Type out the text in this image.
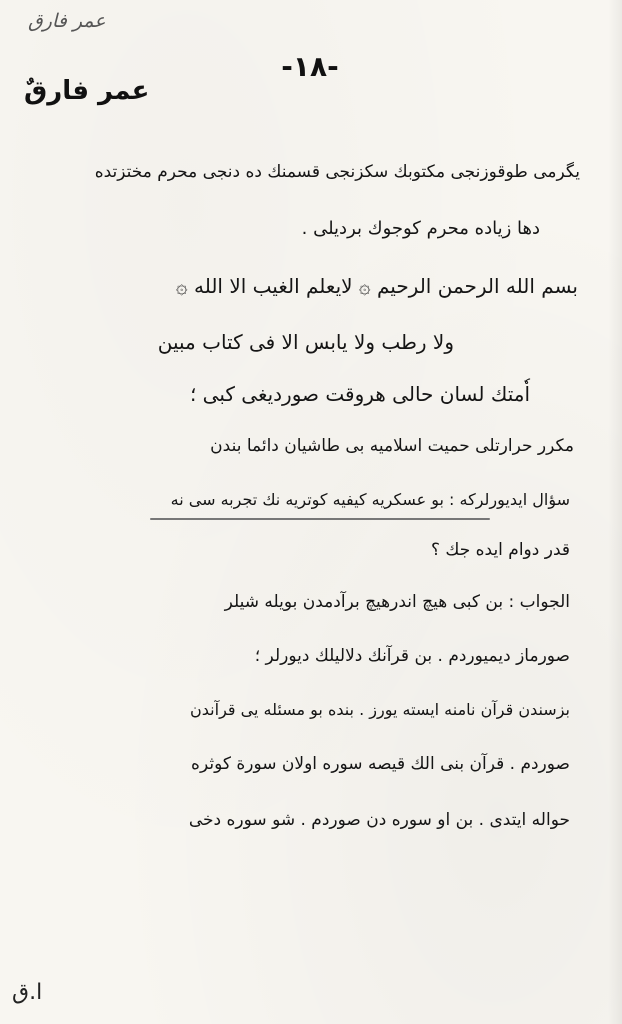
عمر فارق
عمر فارقٌ
-١٨-
یگرمی طوقوزنجی مکتوبك سکزنجی قسمنك دە دنجی محرم مختزتده
دها زیاده محرم کوجوك بردیلی .
بسم الله الرحمن الرحیم ۞ لایعلم الغیب الا الله ۞
ولا رطب ولا یابس الا فی کتاب مبین
اٗمتك لسان حالی هروقت صوردیغی کبی ؛
مکرر حرارتلی حمیت اسلامیه بی طاشیان دائما بندن
سؤال ایدیورلرکه : بو عسکریه کیفیه کوتریه نك تجربه سی نه
قدر دوام ایده جك ؟
الجواب : بن کبی هیچ اندرهیچ برآدمدن بویله شیلر
صورماز دیمیوردم . بن قرآنك دلالیلك دیورلر ؛
بزسندن قرآن نامنه ایسته یورز . بنده بو مسئله یی قرآندن
صوردم . قرآن بنی الك قیصه سوره اولان سورة کوثره
حواله ایتدی . بن او سوره دن صوردم . شو سوره دخی
ا.ق
